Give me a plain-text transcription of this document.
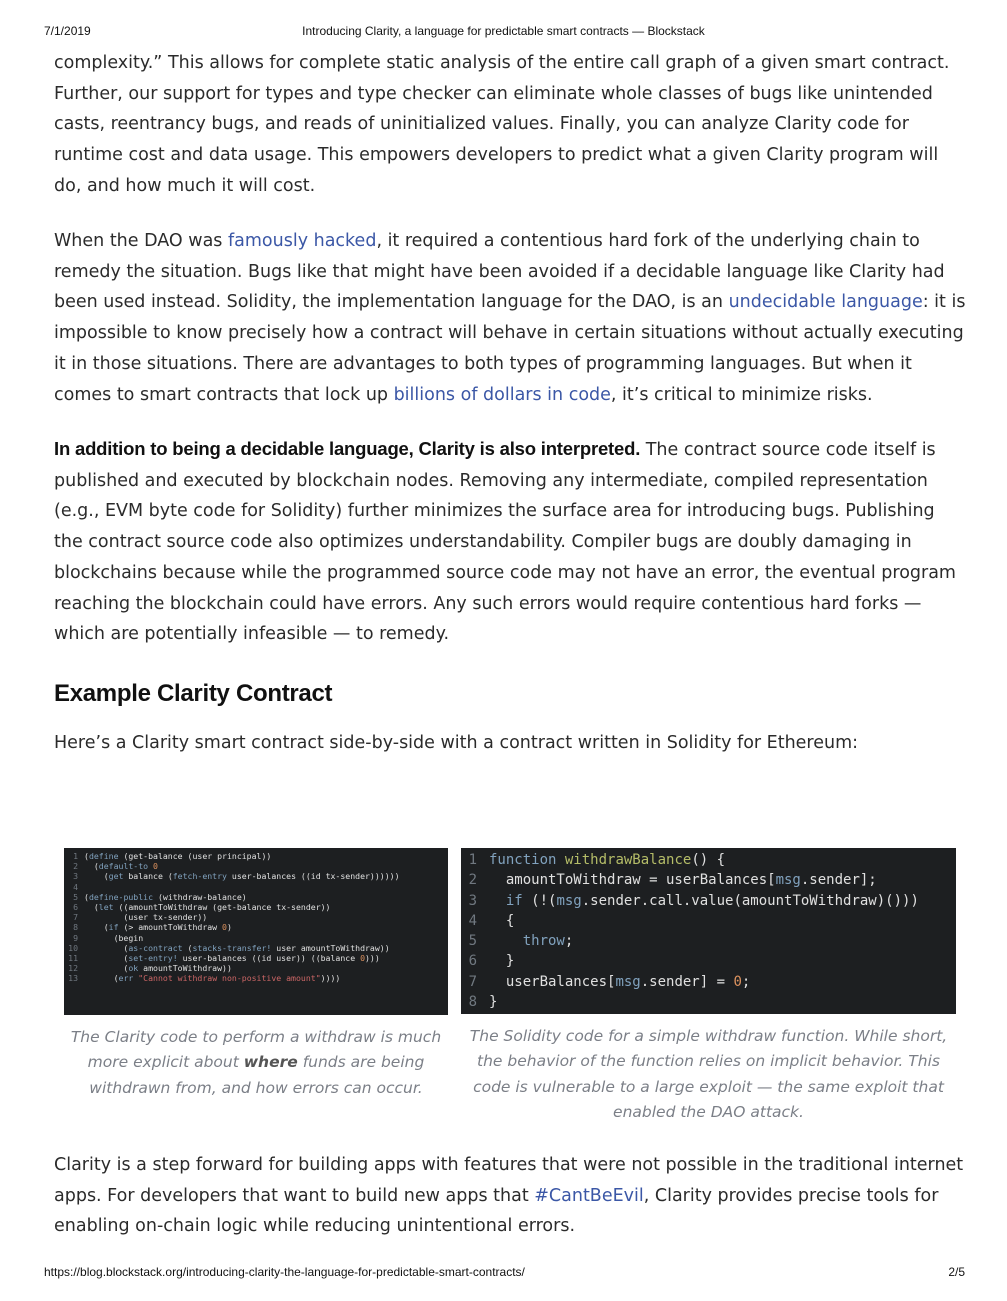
7/1/2019	Introducing Clarity, a language for predictable smart contracts — Blockstack

complexity.” This allows for complete static analysis of the entire call graph of a given smart contract. Further, our support for types and type checker can eliminate whole classes of bugs like unintended casts, reentrancy bugs, and reads of uninitialized values. Finally, you can analyze Clarity code for runtime cost and data usage. This empowers developers to predict what a given Clarity program will do, and how much it will cost.

When the DAO was famously hacked, it required a contentious hard fork of the underlying chain to remedy the situation. Bugs like that might have been avoided if a decidable language like Clarity had been used instead. Solidity, the implementation language for the DAO, is an undecidable language: it is impossible to know precisely how a contract will behave in certain situations without actually executing it in those situations. There are advantages to both types of programming languages. But when it comes to smart contracts that lock up billions of dollars in code, it’s critical to minimize risks.

In addition to being a decidable language, Clarity is also interpreted. The contract source code itself is published and executed by blockchain nodes. Removing any intermediate, compiled representation (e.g., EVM byte code for Solidity) further minimizes the surface area for introducing bugs. Publishing the contract source code also optimizes understandability. Compiler bugs are doubly damaging in blockchains because while the programmed source code may not have an error, the eventual program reaching the blockchain could have errors. Any such errors would require contentious hard forks — which are potentially infeasible — to remedy.

Example Clarity Contract

Here’s a Clarity smart contract side-by-side with a contract written in Solidity for Ethereum:

Clarity is a step forward for building apps with features that were not possible in the traditional internet apps. For developers that want to build new apps that #CantBeEvil, Clarity provides precise tools for enabling on-chain logic while reducing unintentional errors.

1 (define (get-balance (user principal))
2  (default-to 0
3    (get balance (fetch-entry user-balances ((id tx-sender))))))
4
5 (define-public (withdraw-balance)
6  (let ((amountToWithdraw (get-balance tx-sender))
7        (user tx-sender))
8    (if (> amountToWithdraw 0)
9      (begin
10        (as-contract (stacks-transfer! user amountToWithdraw))
11        (set-entry! user-balances ((id user)) ((balance 0)))
12        (ok amountToWithdraw))
13      (err "Cannot withdraw non-positive amount"))))
The Clarity code to perform a withdraw is much more explicit about where funds are being withdrawn from, and how errors can occur.
1 function withdrawBalance() {
2  amountToWithdraw = userBalances[msg.sender];
3 if (!(msg.sender.call.value(amountToWithdraw)()))
4  {
5	throw;
6  }
7  userBalances[msg.sender] = 0;
8 }
The Solidity code for a simple withdraw function. While short, the behavior of the function relies on implicit behavior. This code is vulnerable to a large exploit — the same exploit that enabled the DAO attack.
https://blog.blockstack.org/introducing-clarity-the-language-for-predictable-smart-contracts/	2/5
